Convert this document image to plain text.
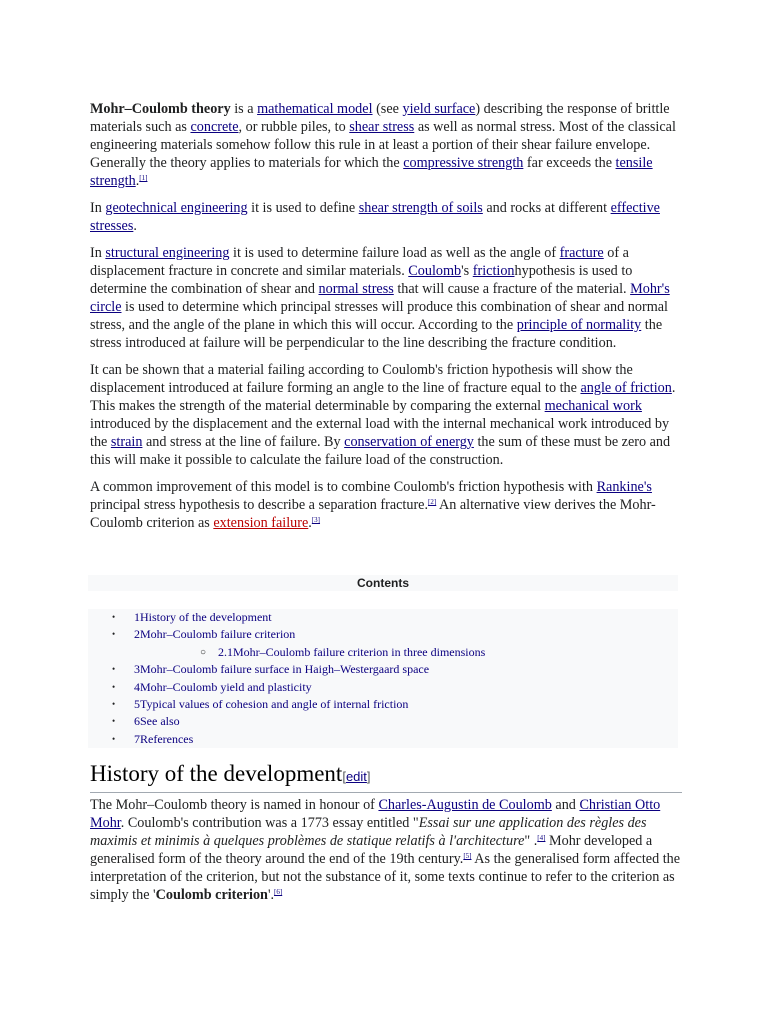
Mohr–Coulomb theory is a mathematical model (see yield surface) describing the response of brittle materials such as concrete, or rubble piles, to shear stress as well as normal stress. Most of the classical engineering materials somehow follow this rule in at least a portion of their shear failure envelope. Generally the theory applies to materials for which the compressive strength far exceeds the tensile strength.[1]

In geotechnical engineering it is used to define shear strength of soils and rocks at different effective stresses.

In structural engineering it is used to determine failure load as well as the angle of fracture of a displacement fracture in concrete and similar materials. Coulomb's frictionhypothesis is used to determine the combination of shear and normal stress that will cause a fracture of the material. Mohr's circle is used to determine which principal stresses will produce this combination of shear and normal stress, and the angle of the plane in which this will occur. According to the principle of normality the stress introduced at failure will be perpendicular to the line describing the fracture condition.

It can be shown that a material failing according to Coulomb's friction hypothesis will show the displacement introduced at failure forming an angle to the line of fracture equal to the angle of friction. This makes the strength of the material determinable by comparing the external mechanical work introduced by the displacement and the external load with the internal mechanical work introduced by the strain and stress at the line of failure. By conservation of energy the sum of these must be zero and this will make it possible to calculate the failure load of the construction.

A common improvement of this model is to combine Coulomb's friction hypothesis with Rankine's principal stress hypothesis to describe a separation fracture.[2] An alternative view derives the Mohr-Coulomb criterion as extension failure.[3]

Contents
• 1History of the development
• 2Mohr–Coulomb failure criterion
○ 2.1Mohr–Coulomb failure criterion in three dimensions
• 3Mohr–Coulomb failure surface in Haigh–Westergaard space
• 4Mohr–Coulomb yield and plasticity
• 5Typical values of cohesion and angle of internal friction
• 6See also
• 7References
History of the development[edit]

The Mohr–Coulomb theory is named in honour of Charles-Augustin de Coulomb and Christian Otto Mohr. Coulomb's contribution was a 1773 essay entitled "Essai sur une application des règles des maximis et minimis à quelques problèmes de statique relatifs à l'architecture" .[4] Mohr developed a generalised form of the theory around the end of the 19th century.[5] As the generalised form affected the interpretation of the criterion, but not the substance of it, some texts continue to refer to the criterion as simply the 'Coulomb criterion'.[6]
